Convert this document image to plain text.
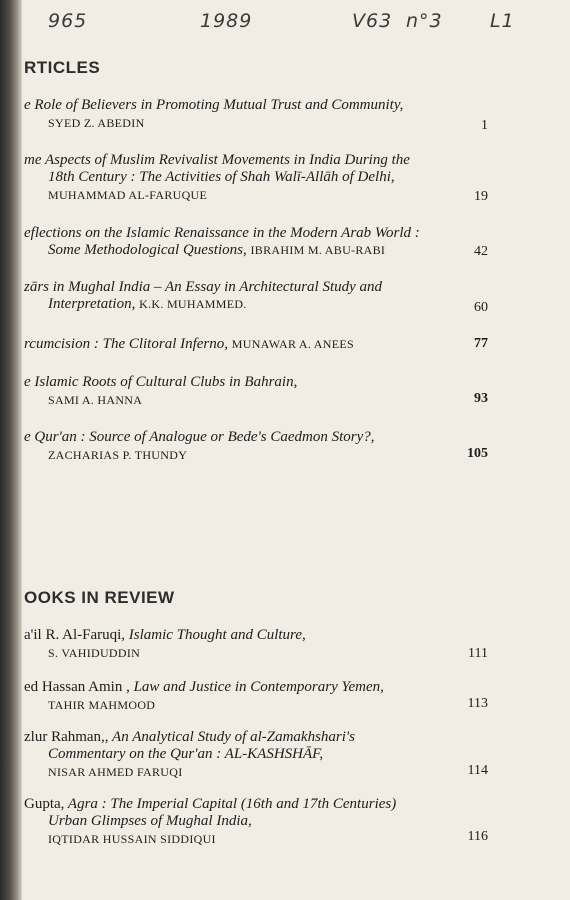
965	1989	V63 n°3 L1
RTICLES
e Role of Believers in Promoting Mutual Trust and Community,
SYED Z. ABEDIN	1
me Aspects of Muslim Revivalist Movements in India During the
18th Century : The Activities of Shah Walī-Allāh of Delhi,
MUHAMMAD AL-FARUQUE	19
eflections on the Islamic Renaissance in the Modern Arab World :
Some Methodological Questions, IBRAHIM M. ABU-RABI	42
zārs in Mughal India – An Essay in Architectural Study and
Interpretation, K.K. MUHAMMED.	60
rcumcision : The Clitoral Inferno, MUNAWAR A. ANEES	77
e Islamic Roots of Cultural Clubs in Bahrain,
SAMI A. HANNA	93
e Qur'an : Source of Analogue or Bede's Caedmon Story?,
ZACHARIAS P. THUNDY	105
OOKS IN REVIEW
a'il R. Al-Faruqi, Islamic Thought and Culture,
S. VAHIDUDDIN	111
ed Hassan Amin , Law and Justice in Contemporary Yemen,
TAHIR MAHMOOD	113
zlur Rahman,, An Analytical Study of al-Zamakhshari's
Commentary on the Qur'an : AL-KASHSHĀF,
NISAR AHMED FARUQI	114
Gupta, Agra : The Imperial Capital (16th and 17th Centuries)
Urban Glimpses of Mughal India,
IQTIDAR HUSSAIN SIDDIQUI	116
y
,
